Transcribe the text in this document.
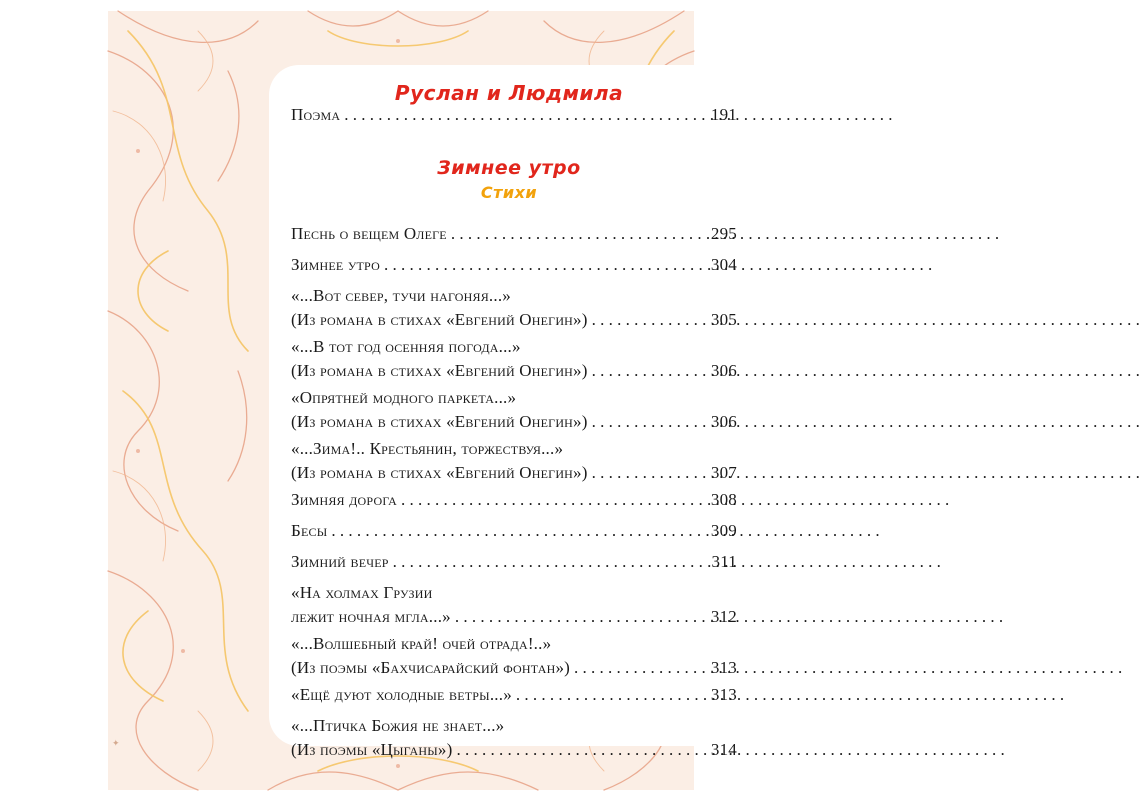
Руслан и Людмила
Поэма . . .	191
Зимнее утро
Стихи
Песнь о вещем Олеге . . .	295
Зимнее утро . . .	304
«...Вот север, тучи нагоняя...»
(Из романа в стихах «Евгений Онегин») . . .	305
«...В тот год осенняя погода...»
(Из романа в стихах «Евгений Онегин») . . .	306
«Опрятней модного паркета...»
(Из романа в стихах «Евгений Онегин») . . .	306
«...Зима!.. Крестьянин, торжествуя...»
(Из романа в стихах «Евгений Онегин») . . .	307
Зимняя дорога . . .	308
Бесы . . .	309
Зимний вечер . . .	311
«На холмах Грузии
лежит ночная мгла...» . . .	312
«...Волшебный край! очей отрада!..»
(Из поэмы «Бахчисарайский фонтан») . . .	313
«Ещё дуют холодные ветры...» . . .	313
«...Птичка Божия не знает...»
(Из поэмы «Цыганы») . . .	314
✦
